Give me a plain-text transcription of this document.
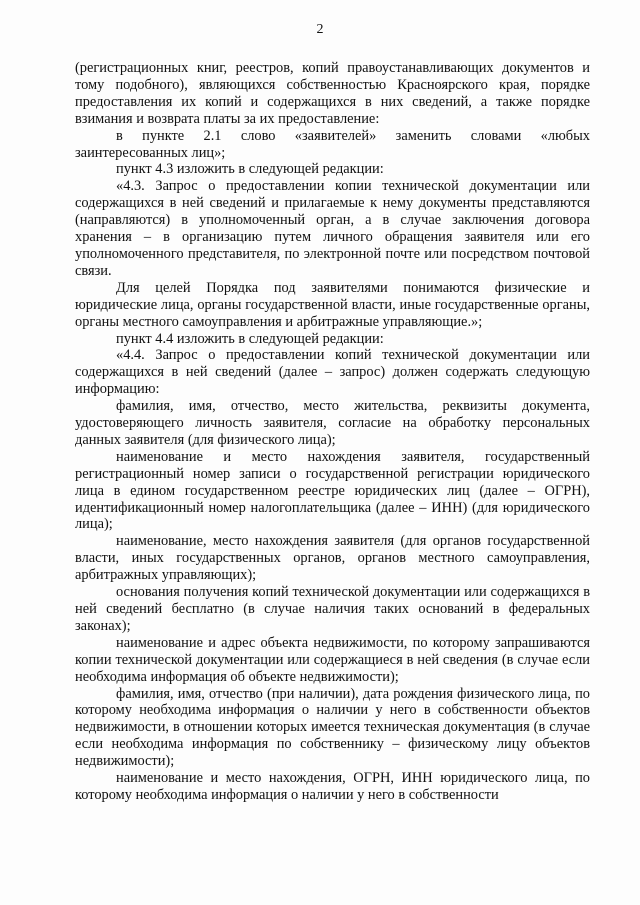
2

(регистрационных книг, реестров, копий правоустанавливающих документов и тому подобного), являющихся собственностью Красноярского края, порядке предоставления их копий и содержащихся в них сведений, а также порядке взимания и возврата платы за их предоставление:

в пункте 2.1 слово «заявителей» заменить словами «любых заинтересованных лиц»;

пункт 4.3 изложить в следующей редакции:

«4.3. Запрос о предоставлении копии технической документации или содержащихся в ней сведений и прилагаемые к нему документы представляются (направляются) в уполномоченный орган, а в случае заключения договора хранения – в организацию путем личного обращения заявителя или его уполномоченного представителя, по электронной почте или посредством почтовой связи.

Для целей Порядка под заявителями понимаются физические и юридические лица, органы государственной власти, иные государственные органы, органы местного самоуправления и арбитражные управляющие.»;

пункт 4.4 изложить в следующей редакции:

«4.4. Запрос о предоставлении копий технической документации или содержащихся в ней сведений (далее – запрос) должен содержать следующую информацию:

фамилия, имя, отчество, место жительства, реквизиты документа, удостоверяющего личность заявителя, согласие на обработку персональных данных заявителя (для физического лица);

наименование и место нахождения заявителя, государственный регистрационный номер записи о государственной регистрации юридического лица в едином государственном реестре юридических лиц (далее – ОГРН), идентификационный номер налогоплательщика (далее – ИНН) (для юридического лица);

наименование, место нахождения заявителя (для органов государственной власти, иных государственных органов, органов местного самоуправления, арбитражных управляющих);

основания получения копий технической документации или содержащихся в ней сведений бесплатно (в случае наличия таких оснований в федеральных законах);

наименование и адрес объекта недвижимости, по которому запрашиваются копии технической документации или содержащиеся в ней сведения (в случае если необходима информация об объекте недвижимости);

фамилия, имя, отчество (при наличии), дата рождения физического лица, по которому необходима информация о наличии у него в собственности объектов недвижимости, в отношении которых имеется техническая документация (в случае если необходима информация по собственнику – физическому лицу объектов недвижимости);

наименование и место нахождения, ОГРН, ИНН юридического лица, по которому необходима информация о наличии у него в собственности
